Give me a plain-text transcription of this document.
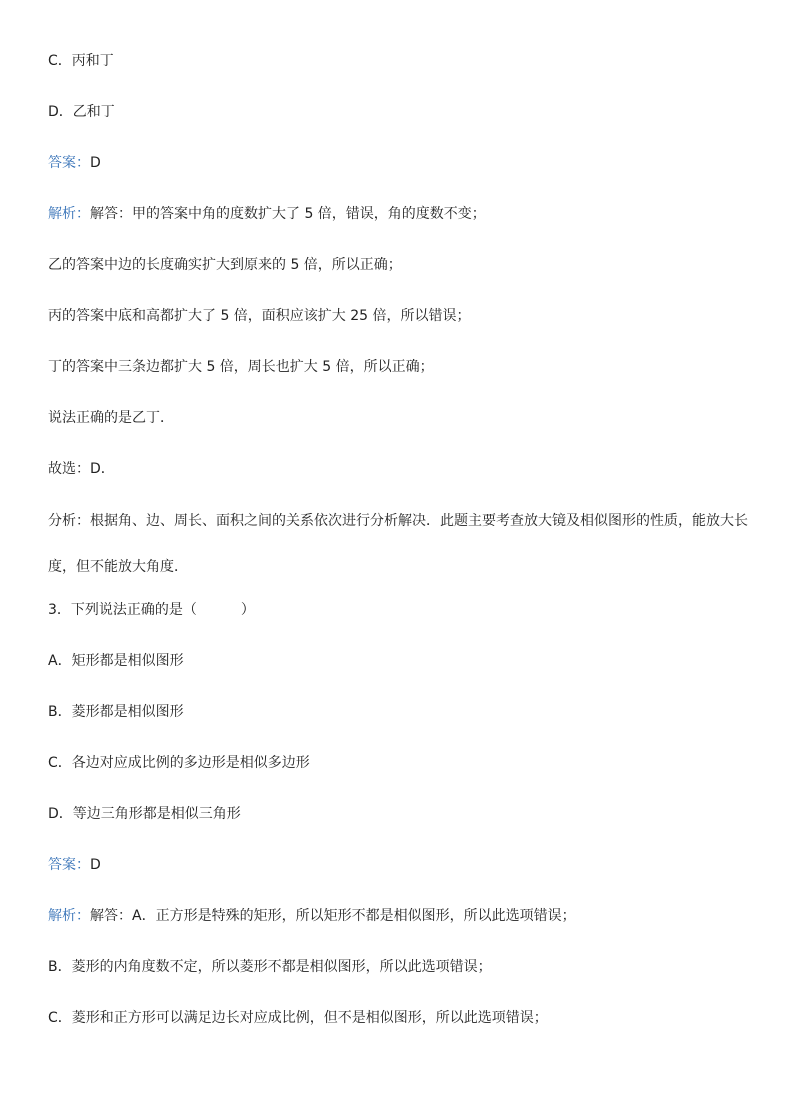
C．丙和丁
D．乙和丁
答案：D
解析：解答：甲的答案中角的度数扩大了 5 倍，错误，角的度数不变；
乙的答案中边的长度确实扩大到原来的 5 倍，所以正确；
丙的答案中底和高都扩大了 5 倍，面积应该扩大 25 倍，所以错误；
丁的答案中三条边都扩大 5 倍，周长也扩大 5 倍，所以正确；
说法正确的是乙丁．
故选：D．
分析：根据角、边、周长、面积之间的关系依次进行分析解决．此题主要考查放大镜及相似图形的性质，能放大长度，但不能放大角度．
3．下列说法正确的是（	）
A．矩形都是相似图形
B．菱形都是相似图形
C．各边对应成比例的多边形是相似多边形
D．等边三角形都是相似三角形
答案：D
解析：解答：A．正方形是特殊的矩形，所以矩形不都是相似图形，所以此选项错误；
B．菱形的内角度数不定，所以菱形不都是相似图形，所以此选项错误；
C．菱形和正方形可以满足边长对应成比例，但不是相似图形，所以此选项错误；
